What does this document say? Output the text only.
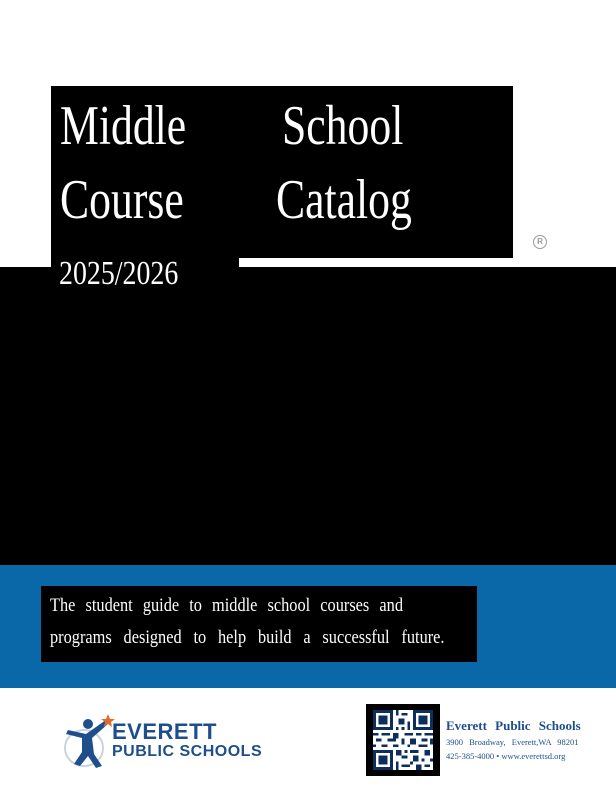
Middle School
Course Catalog
2025/2026
R
The student guide to middle school courses and
programs designed to help build a successful future.
EVERETT
PUBLIC SCHOOLS
Everett Public Schools
3900 Broadway, Everett,WA 98201
425-385-4000 • www.everettsd.org
